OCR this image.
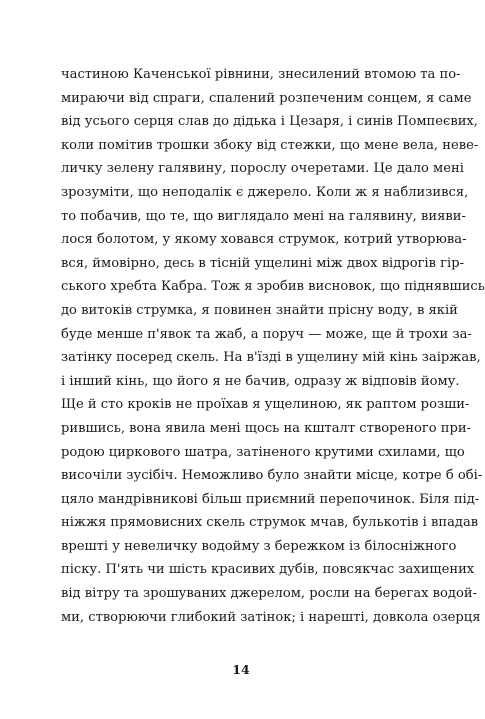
частиною Каченської рівнини, знесилений втомою та по-
мираючи від спраги, спалений розпеченим сонцем, я саме
від усього серця слав до дідька і Цезаря, і синів Помпеєвих,
коли помітив трошки збоку від стежки, що мене вела, неве-
личку зелену галявину, порослу очеретами. Це дало мені
зрозуміти, що неподалік є джерело. Коли ж я наблизився,
то побачив, що те, що виглядало мені на галявину, вияви-
лося болотом, у якому ховався струмок, котрий утворюва-
вся, ймовірно, десь в тісній ущелині між двох відрогів гір-
ського хребта Кабра. Тож я зробив висновок, що піднявшись
до витоків струмка, я повинен знайти прісну воду, в якій
буде менше п'явок та жаб, а поруч — може, ще й трохи за-
затінку посеред скель. На в'їзді в ущелину мій кінь заіржав,
і інший кінь, що його я не бачив, одразу ж відповів йому.
Ще й сто кроків не проїхав я ущелиною, як раптом розши-
рившись, вона явила мені щось на кшталт створеного при-
родою циркового шатра, затіненого крутими схилами, що
височіли зусібіч. Неможливо було знайти місце, котре б обі-
цяло мандрівникові більш приємний перепочинок. Біля під-
ніжжя прямовисних скель струмок мчав, булькотів і впадав
врешті у невеличку водойму з бережком із білосніжного
піску. П'ять чи шість красивих дубів, повсякчас захищених
від вітру та зрошуваних джерелом, росли на берегах водой-
ми, створюючи глибокий затінок; і нарешті, довкола озерця
14
